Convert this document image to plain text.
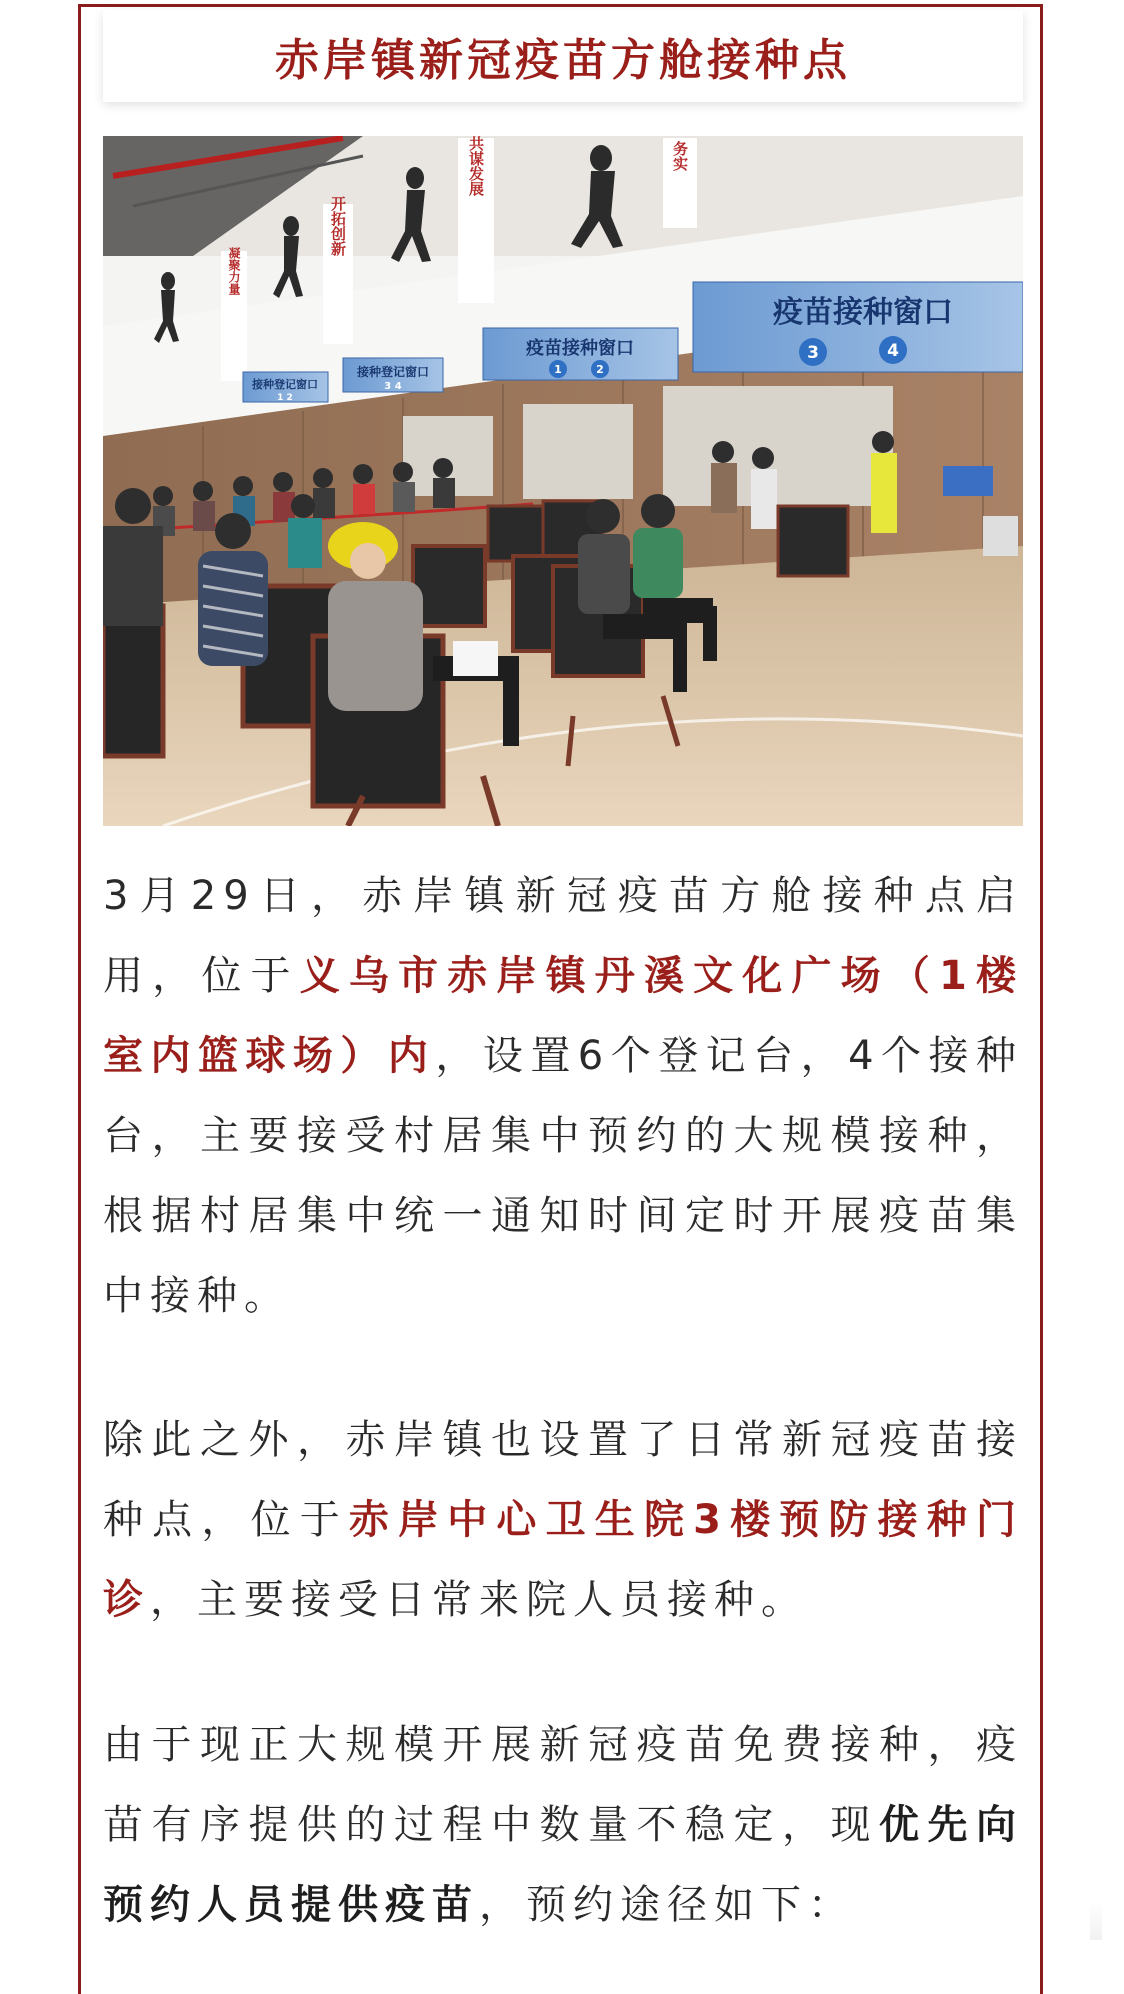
赤岸镇新冠疫苗方舱接种点
共谋发展	务实
开拓创新
凝聚力量
接种登记窗口
1 2
接种登记窗口
3 4
疫苗接种窗口
1	2
疫苗接种窗口
3	4

3月29日，赤岸镇新冠疫苗方舱接种点启用，位于义乌市赤岸镇丹溪文化广场（1楼室内篮球场）内，设置6个登记台，4个接种台，主要接受村居集中预约的大规模接种，根据村居集中统一通知时间定时开展疫苗集中接种。

除此之外，赤岸镇也设置了日常新冠疫苗接种点，位于赤岸中心卫生院3楼预防接种门诊，主要接受日常来院人员接种。

由于现正大规模开展新冠疫苗免费接种，疫苗有序提供的过程中数量不稳定，现优先向预约人员提供疫苗，预约途径如下：
